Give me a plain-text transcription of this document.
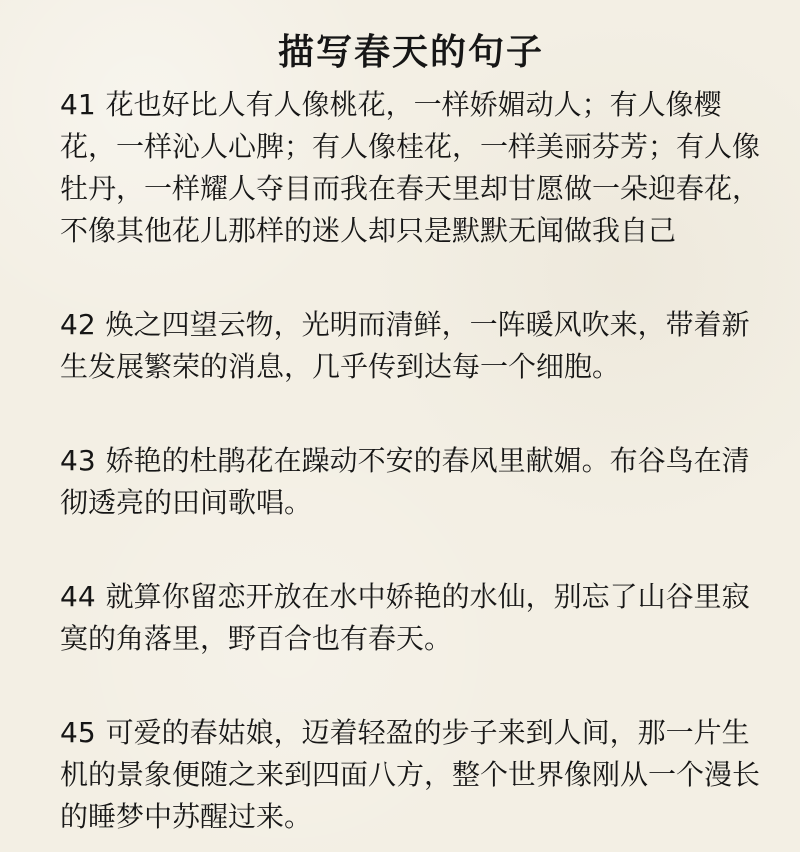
描写春天的句子

41 花也好比人有人像桃花，一样娇媚动人；有人像樱花，一样沁人心脾；有人像桂花，一样美丽芬芳；有人像牡丹，一样耀人夺目而我在春天里却甘愿做一朵迎春花，不像其他花儿那样的迷人却只是默默无闻做我自己

42 焕之四望云物，光明而清鲜，一阵暖风吹来，带着新生发展繁荣的消息，几乎传到达每一个细胞。

43 娇艳的杜鹃花在躁动不安的春风里献媚。布谷鸟在清彻透亮的田间歌唱。

44 就算你留恋开放在水中娇艳的水仙，别忘了山谷里寂寞的角落里，野百合也有春天。

45 可爱的春姑娘，迈着轻盈的步子来到人间，那一片生机的景象便随之来到四面八方，整个世界像刚从一个漫长的睡梦中苏醒过来。
